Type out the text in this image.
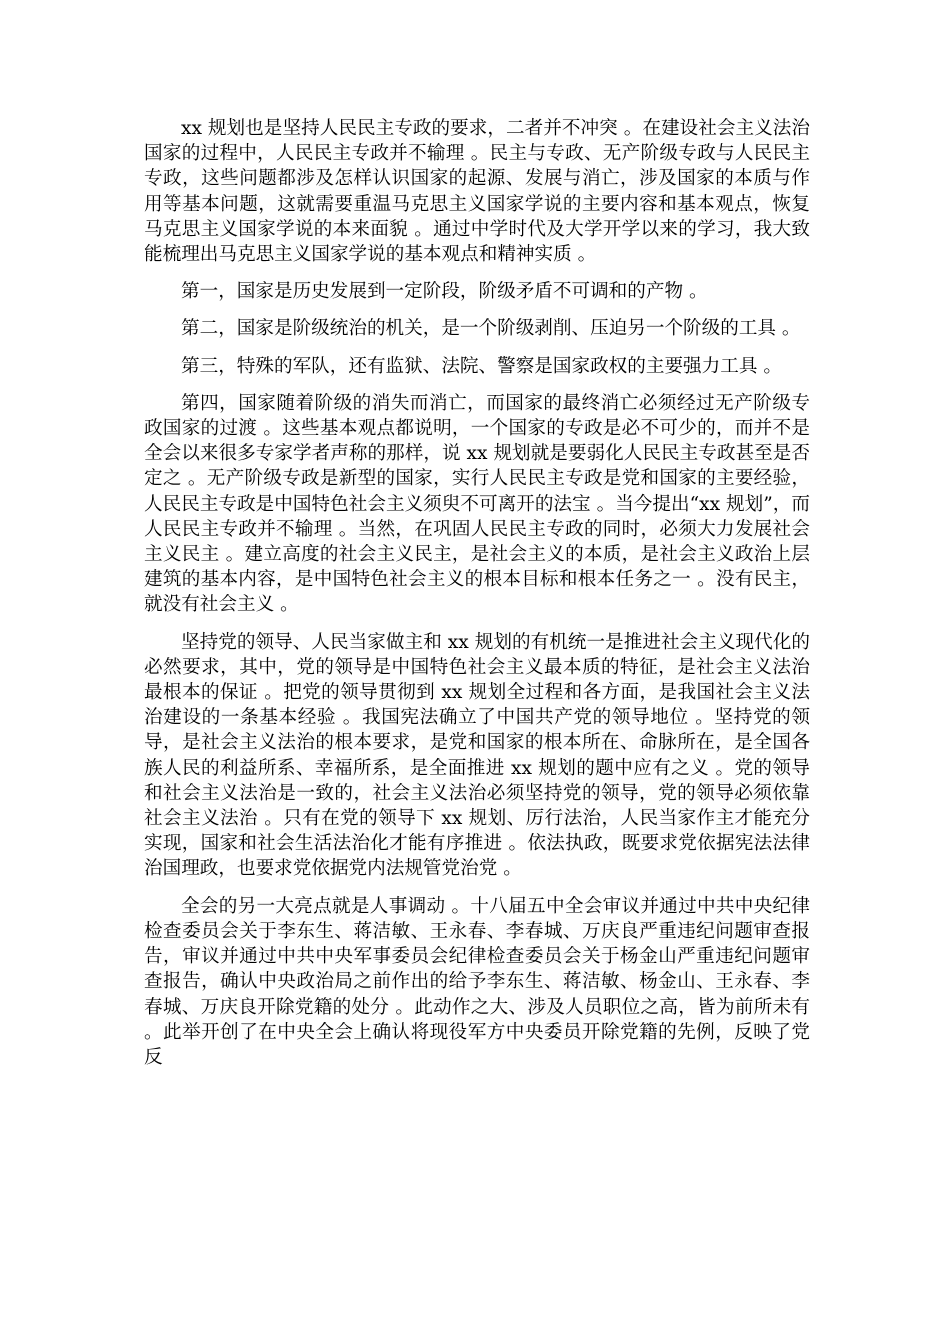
xx 规划也是坚持人民民主专政的要求，二者并不冲突 。在建设社会主义法治国家的过程中，人民民主专政并不输理 。民主与专政、无产阶级专政与人民民主专政，这些问题都涉及怎样认识国家的起源、发展与消亡，涉及国家的本质与作用等基本问题，这就需要重温马克思主义国家学说的主要内容和基本观点，恢复马克思主义国家学说的本来面貌 。通过中学时代及大学开学以来的学习，我大致能梳理出马克思主义国家学说的基本观点和精神实质 。

第一，国家是历史发展到一定阶段，阶级矛盾不可调和的产物 。

第二，国家是阶级统治的机关，是一个阶级剥削、压迫另一个阶级的工具 。

第三，特殊的军队，还有监狱、法院、警察是国家政权的主要强力工具 。

第四，国家随着阶级的消失而消亡，而国家的最终消亡必须经过无产阶级专政国家的过渡 。这些基本观点都说明，一个国家的专政是必不可少的，而并不是全会以来很多专家学者声称的那样，说 xx 规划就是要弱化人民民主专政甚至是否定之 。无产阶级专政是新型的国家，实行人民民主专政是党和国家的主要经验，人民民主专政是中国特色社会主义须臾不可离开的法宝 。当今提出“xx 规划”，而人民民主专政并不输理 。当然，在巩固人民民主专政的同时，必须大力发展社会主义民主 。建立高度的社会主义民主，是社会主义的本质，是社会主义政治上层建筑的基本内容，是中国特色社会主义的根本目标和根本任务之一 。没有民主，就没有社会主义 。

坚持党的领导、人民当家做主和 xx 规划的有机统一是推进社会主义现代化的必然要求，其中，党的领导是中国特色社会主义最本质的特征，是社会主义法治最根本的保证 。把党的领导贯彻到 xx 规划全过程和各方面，是我国社会主义法治建设的一条基本经验 。我国宪法确立了中国共产党的领导地位 。坚持党的领导，是社会主义法治的根本要求，是党和国家的根本所在、命脉所在，是全国各族人民的利益所系、幸福所系，是全面推进 xx 规划的题中应有之义 。党的领导和社会主义法治是一致的，社会主义法治必须坚持党的领导，党的领导必须依靠社会主义法治 。只有在党的领导下 xx 规划、厉行法治，人民当家作主才能充分实现，国家和社会生活法治化才能有序推进 。依法执政，既要求党依据宪法法律治国理政，也要求党依据党内法规管党治党 。

全会的另一大亮点就是人事调动 。十八届五中全会审议并通过中共中央纪律检查委员会关于李东生、蒋洁敏、王永春、李春城、万庆良严重违纪问题审查报告，审议并通过中共中央军事委员会纪律检查委员会关于杨金山严重违纪问题审查报告，确认中央政治局之前作出的给予李东生、蒋洁敏、杨金山、王永春、李春城、万庆良开除党籍的处分 。此动作之大、涉及人员职位之高，皆为前所未有 。此举开创了在中央全会上确认将现役军方中央委员开除党籍的先例，反映了党反
